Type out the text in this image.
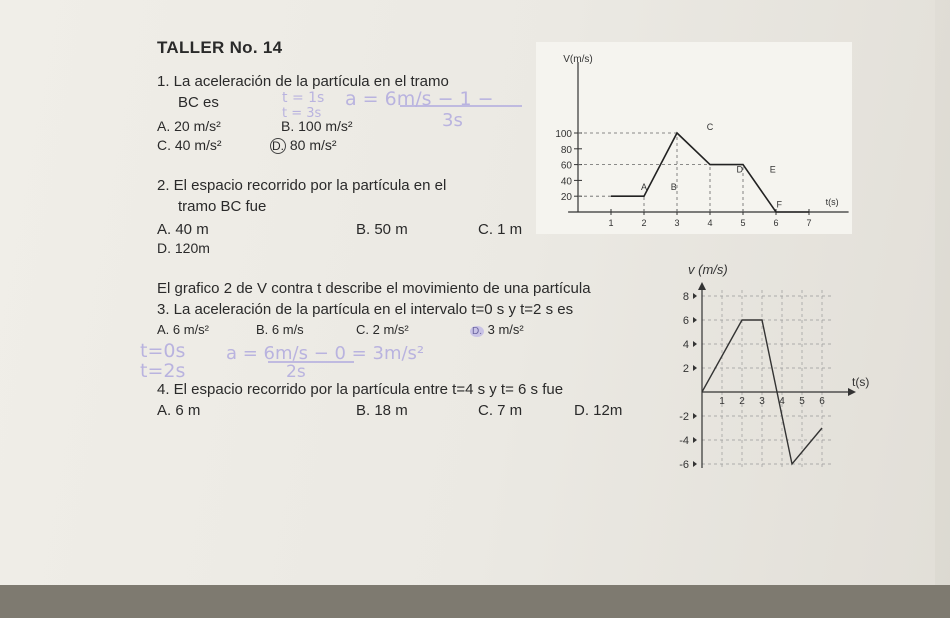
TALLER No. 14
1. La aceleración de la partícula en el tramo
BC es
A. 20 m/s²	B. 100 m/s²
C. 40 m/s²	D. 80 m/s²
t = 1s
t = 3s
a = 6m/s − 1 −
3s
2. El espacio recorrido por la partícula en el
tramo BC fue
A. 40 m	B. 50 m	C. 1 m
D. 120m
El grafico 2 de V contra t describe el movimiento de una partícula
3. La aceleración de la partícula en el intervalo t=0 s y t=2 s es
A. 6 m/s²	B. 6 m/s	C. 2 m/s²	D. 3 m/s²
t=0s
t=2s
a = 6m/s − 0 = 3m/s²
2s
4. El espacio recorrido por la partícula entre t=4 s y t= 6 s fue
A. 6 m	B. 18 m	C. 7 m	D. 12m
V(m/s)
t(s)
20
40
60
80
100
1	2	3	4	5	6	7
A	B
C
D	E
F
v (m/s)
t(s)
8
6
4
2
-2
-4
-6
1 2 3 4 5 6
